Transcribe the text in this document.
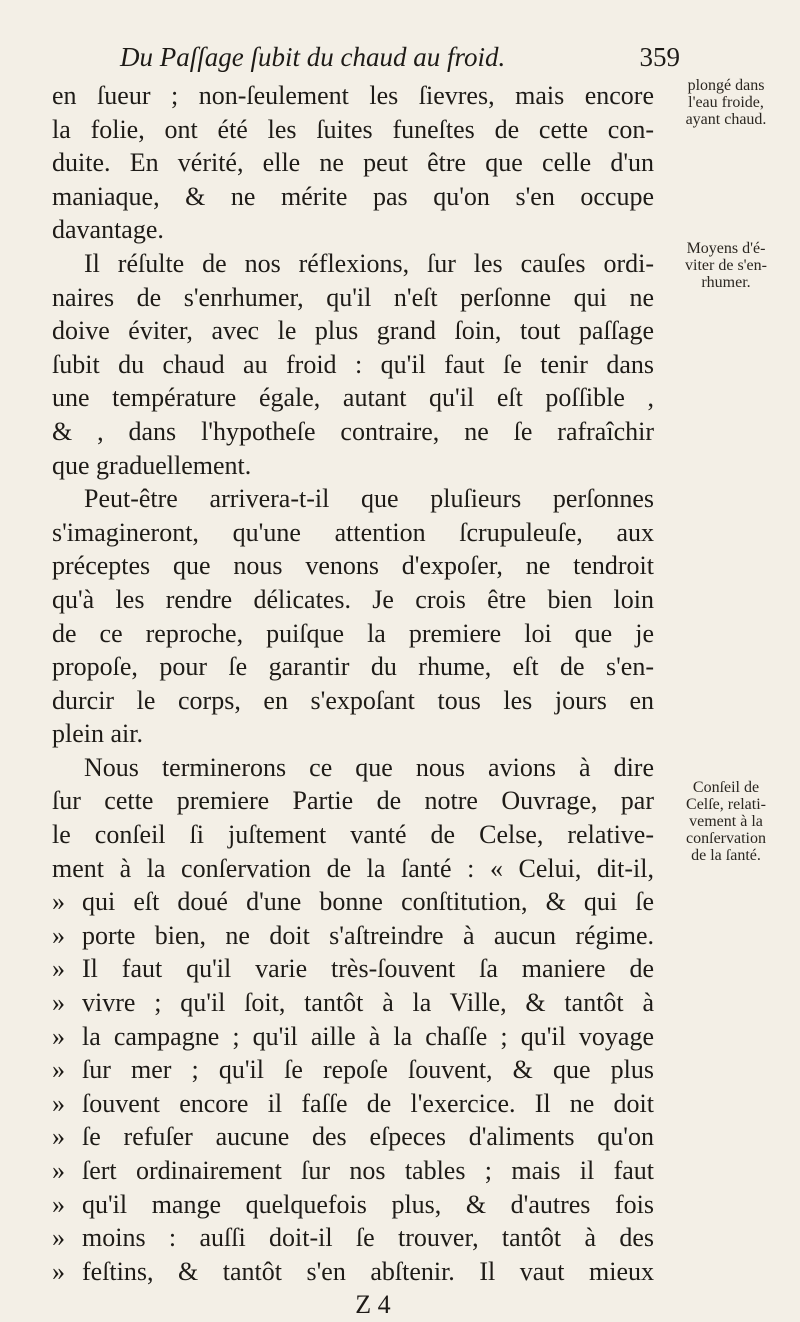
Du Paſſage ſubit du chaud au froid.	359
en ſueur ; non-ſeulement les ſievres, mais encore
la folie, ont été les ſuites funeſtes de cette con-
duite. En vérité, elle ne peut être que celle d'un
maniaque, & ne mérite pas qu'on s'en occupe
davantage.
Il réſulte de nos réflexions, ſur les cauſes ordi-
naires de s'enrhumer, qu'il n'eſt perſonne qui ne
doive éviter, avec le plus grand ſoin, tout paſſage
ſubit du chaud au froid : qu'il faut ſe tenir dans
une température égale, autant qu'il eſt poſſible ,
& , dans l'hypotheſe contraire, ne ſe rafraîchir
que graduellement.
Peut-être arrivera-t-il que pluſieurs perſonnes
s'imagineront, qu'une attention ſcrupuleuſe, aux
préceptes que nous venons d'expoſer, ne tendroit
qu'à les rendre délicates. Je crois être bien loin
de ce reproche, puiſque la premiere loi que je
propoſe, pour ſe garantir du rhume, eſt de s'en-
durcir le corps, en s'expoſant tous les jours en
plein air.
Nous terminerons ce que nous avions à dire
ſur cette premiere Partie de notre Ouvrage, par
le conſeil ſi juſtement vanté de Celse, relative-
ment à la conſervation de la ſanté : « Celui, dit-il,
» qui eſt doué d'une bonne conſtitution, & qui ſe
» porte bien, ne doit s'aſtreindre à aucun régime.
» Il faut qu'il varie très-ſouvent ſa maniere de
» vivre ; qu'il ſoit, tantôt à la Ville, & tantôt à
» la campagne ; qu'il aille à la chaſſe ; qu'il voyage
» ſur mer ; qu'il ſe repoſe ſouvent, & que plus
» ſouvent encore il faſſe de l'exercice. Il ne doit
» ſe refuſer aucune des eſpeces d'aliments qu'on
» ſert ordinairement ſur nos tables ; mais il faut
» qu'il mange quelquefois plus, & d'autres fois
» moins : auſſi doit-il ſe trouver, tantôt à des
» feſtins, & tantôt s'en abſtenir. Il vaut mieux
Z 4
plongé dans
l'eau froide,
ayant chaud.
Moyens d'é-
viter de s'en-
rhumer.
Conſeil de
Celſe, relati-
vement à la
conſervation
de la ſanté.
